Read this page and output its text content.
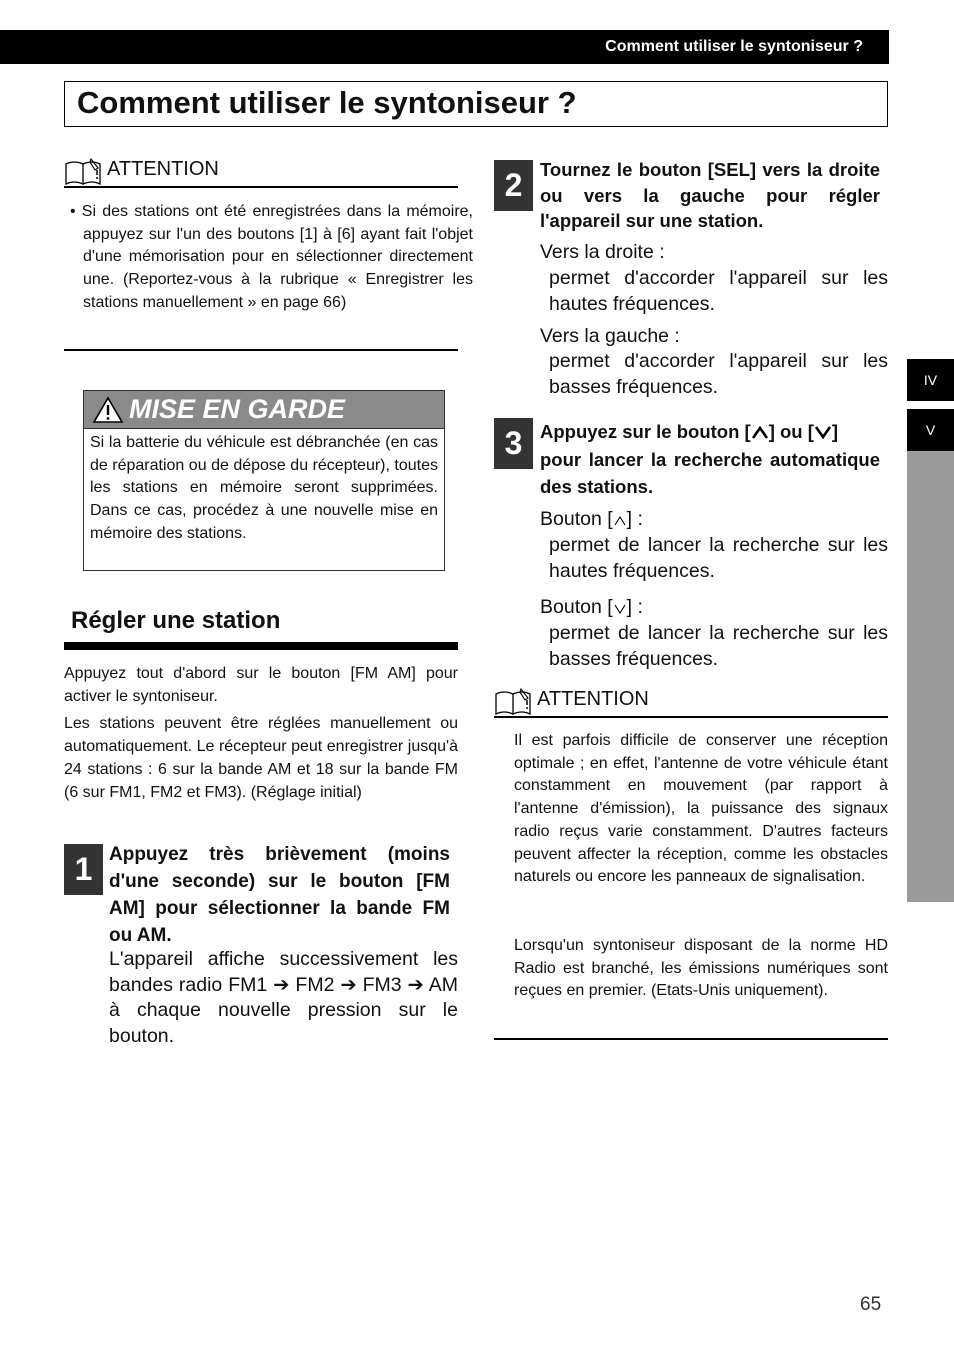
Comment utiliser le syntoniseur ?
Comment utiliser le syntoniseur ?
IV
V
ATTENTION
• Si des stations ont été enregistrées dans la mémoire, appuyez sur l'un des boutons [1] à [6] ayant fait l'objet d'une mémorisation pour en sélectionner directement une. (Reportez-vous à la rubrique « Enregistrer les stations manuellement » en page 66)
MISE EN GARDE

Si la batterie du véhicule est débranchée (en cas de réparation ou de dépose du récepteur), toutes les stations en mémoire seront supprimées. Dans ce cas, procédez à une nouvelle mise en mémoire des stations.

Régler une station

Appuyez tout d'abord sur le bouton [FM AM] pour activer le syntoniseur.

Les stations peuvent être réglées manuellement ou automatiquement. Le récepteur peut enregistrer jusqu'à 24 stations : 6 sur la bande AM et 18 sur la bande FM (6 sur FM1, FM2 et FM3). (Réglage initial)

1 Appuyez très brièvement (moins d'une seconde) sur le bouton [FM AM] pour sélectionner la bande FM ou AM.

L'appareil affiche successivement les bandes radio FM1 ➔ FM2 ➔ FM3 ➔ AM à chaque nouvelle pression sur le bouton.

2 Tournez le bouton [SEL] vers la droite ou vers la gauche pour régler l'appareil sur une station.

Vers la droite :

permet d'accorder l'appareil sur les hautes fréquences.

Vers la gauche :

permet d'accorder l'appareil sur les basses fréquences.

3 Appuyez sur le bouton [ ] ou [ ]
pour lancer la recherche automatique des stations.

Bouton [ ] :

permet de lancer la recherche sur les hautes fréquences.

Bouton [ ] :

permet de lancer la recherche sur les basses fréquences.

ATTENTION
Il est parfois difficile de conserver une réception optimale ; en effet, l'antenne de votre véhicule étant constamment en mouvement (par rapport à l'antenne d'émission), la puissance des signaux radio reçus varie constamment. D'autres facteurs peuvent affecter la réception, comme les obstacles naturels ou encore les panneaux de signalisation.
Lorsqu'un syntoniseur disposant de la norme HD Radio est branché, les émissions numériques sont reçues en premier. (Etats-Unis uniquement).
65
